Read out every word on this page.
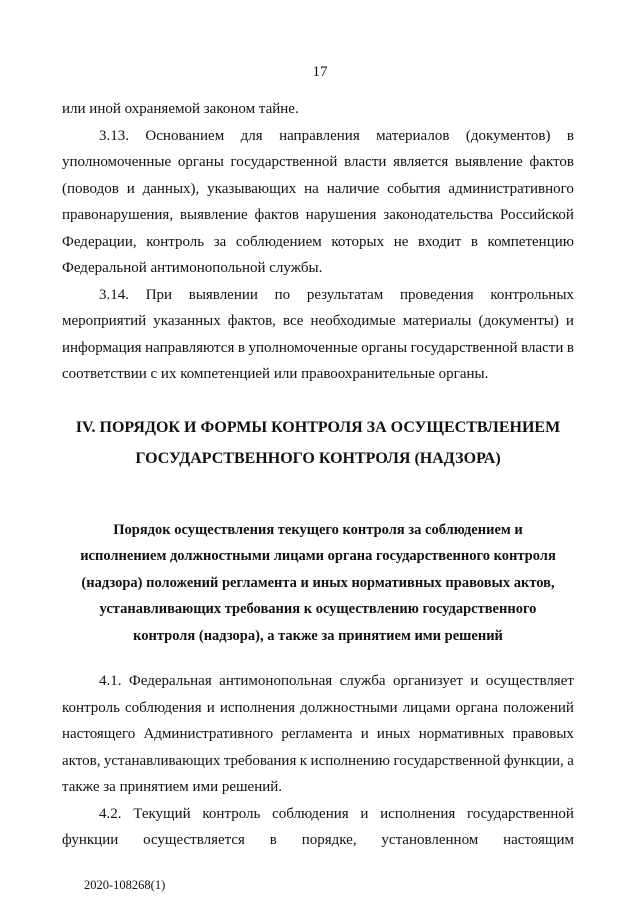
17
или иной охраняемой законом тайне.
3.13. Основанием для направления материалов (документов) в
уполномоченные органы государственной власти является выявление фактов
(поводов и данных), указывающих на наличие события административного
правонарушения, выявление фактов нарушения законодательства Российской
Федерации, контроль за соблюдением которых не входит в компетенцию
Федеральной антимонопольной службы.
3.14. При выявлении по результатам проведения контрольных
мероприятий указанных фактов, все необходимые материалы (документы) и
информация направляются в уполномоченные органы государственной власти в
соответствии с их компетенцией или правоохранительные органы.
IV. ПОРЯДОК И ФОРМЫ КОНТРОЛЯ ЗА ОСУЩЕСТВЛЕНИЕМ
ГОСУДАРСТВЕННОГО КОНТРОЛЯ (НАДЗОРА)
Порядок осуществления текущего контроля за соблюдением и
исполнением должностными лицами органа государственного контроля
(надзора) положений регламента и иных нормативных правовых актов,
устанавливающих требования к осуществлению государственного
контроля (надзора), а также за принятием ими решений
4.1. Федеральная антимонопольная служба организует и осуществляет
контроль соблюдения и исполнения должностными лицами органа положений
настоящего Административного регламента и иных нормативных правовых
актов, устанавливающих требования к исполнению государственной функции, а
также за принятием ими решений.
4.2. Текущий контроль соблюдения и исполнения государственной
функции осуществляется в порядке, установленном настоящим
2020-108268(1)
